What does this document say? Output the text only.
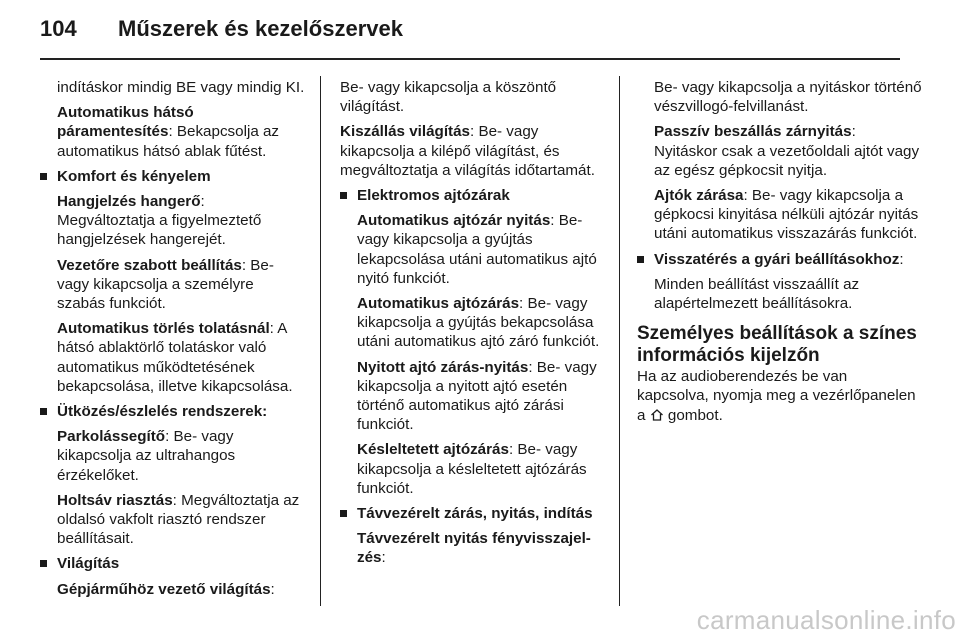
104 Műszerek és kezelőszervek
indításkor mindig BE vagy mindig KI.
Automatikus hátsó páramentesítés: Bekapcsolja az automatikus hátsó ablak fűtést.
Komfort és kényelem
Hangjelzés hangerő: Megváltoztatja a figyelmeztető hangjelzések hangerejét.
Vezetőre szabott beállítás: Be- vagy kikapcsolja a személyre szabás funkciót.
Automatikus törlés tolatásnál: A hátsó ablaktörlő tolatáskor való automatikus működtetésének bekapcsolása, illetve kikapcsolása.
Ütközés/észlelés rendszerek:
Parkolássegítő: Be- vagy kikapcsolja az ultrahangos érzékelőket.
Holtsáv riasztás: Megváltoztatja az oldalsó vakfolt riasztó rendszer beállításait.
Világítás
Gépjárműhöz vezető világítás:
Be- vagy kikapcsolja a köszöntő világítást.
Kiszállás világítás: Be- vagy kikapcsolja a kilépő világítást, és megváltoztatja a világítás időtartamát.
Elektromos ajtózárak
Automatikus ajtózár nyitás: Be- vagy kikapcsolja a gyújtás lekapcsolása utáni automatikus ajtó nyitó funkciót.
Automatikus ajtózárás: Be- vagy kikapcsolja a gyújtás bekapcsolása utáni automatikus ajtó záró funkciót.
Nyitott ajtó zárás-nyitás: Be- vagy kikapcsolja a nyitott ajtó esetén történő automatikus ajtó zárási funkciót.
Késleltetett ajtózárás: Be- vagy kikapcsolja a késleltetett ajtózárás funkciót.
Távvezérelt zárás, nyitás, indítás
Távvezérelt nyitás fényvisszajel-zés:
Be- vagy kikapcsolja a nyitáskor történő vészvillogó-felvillanást.
Passzív beszállás zárnyitás: Nyitáskor csak a vezetőoldali ajtót vagy az egész gépkocsit nyitja.
Ajtók zárása: Be- vagy kikapcsolja a gépkocsi kinyitása nélküli ajtózár nyitás utáni automatikus visszazárás funkciót.
Visszatérés a gyári beállításokhoz:
Minden beállítást visszaállít az alapértelmezett beállításokra.
Személyes beállítások a színes információs kijelzőn
Ha az audioberendezés be van kapcsolva, nyomja meg a vezérlőpanelen a  gombot.
carmanualsonline.info
